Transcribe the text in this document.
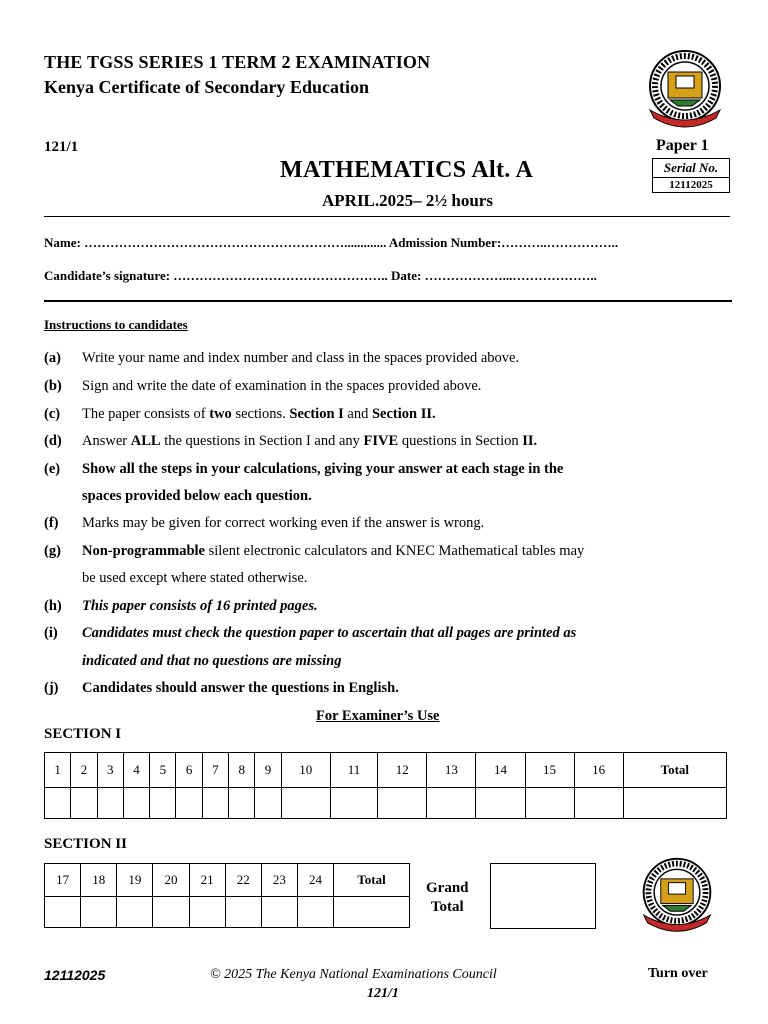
THE TGSS SERIES 1 TERM 2 EXAMINATION
Kenya Certificate of Secondary Education
121/1	Paper 1
Serial No.
12112025
MATHEMATICS Alt. A
APRIL.2025– 2½ hours
Name: ……………………………………………………............. Admission Number:………..……………..
Candidate’s signature: ………………………………………….. Date: ………………...………………..
Instructions to candidates
(a) Write your name and index number and class in the spaces provided above.
(b) Sign and write the date of examination in the spaces provided above.
(c) The paper consists of two sections. Section I and Section II.
(d) Answer ALL the questions in Section I and any FIVE questions in Section II.
(e) Show all the steps in your calculations, giving your answer at each stage in the
spaces provided below each question.
(f) Marks may be given for correct working even if the answer is wrong.
(g) Non-programmable silent electronic calculators and KNEC Mathematical tables may
be used except where stated otherwise.
(h) This paper consists of 16 printed pages.
(i) Candidates must check the question paper to ascertain that all pages are printed as
indicated and that no questions are missing
(j) Candidates should answer the questions in English.
For Examiner’s Use
SECTION I
1	2	3	4	5	6	7	8	9	10	11	12	13	14	15	16	Total

SECTION II
17	18	19	20	21	22	23	24	Total

Grand
Total
12112025	© 2025 The Kenya National Examinations Council
121/1
Turn over
